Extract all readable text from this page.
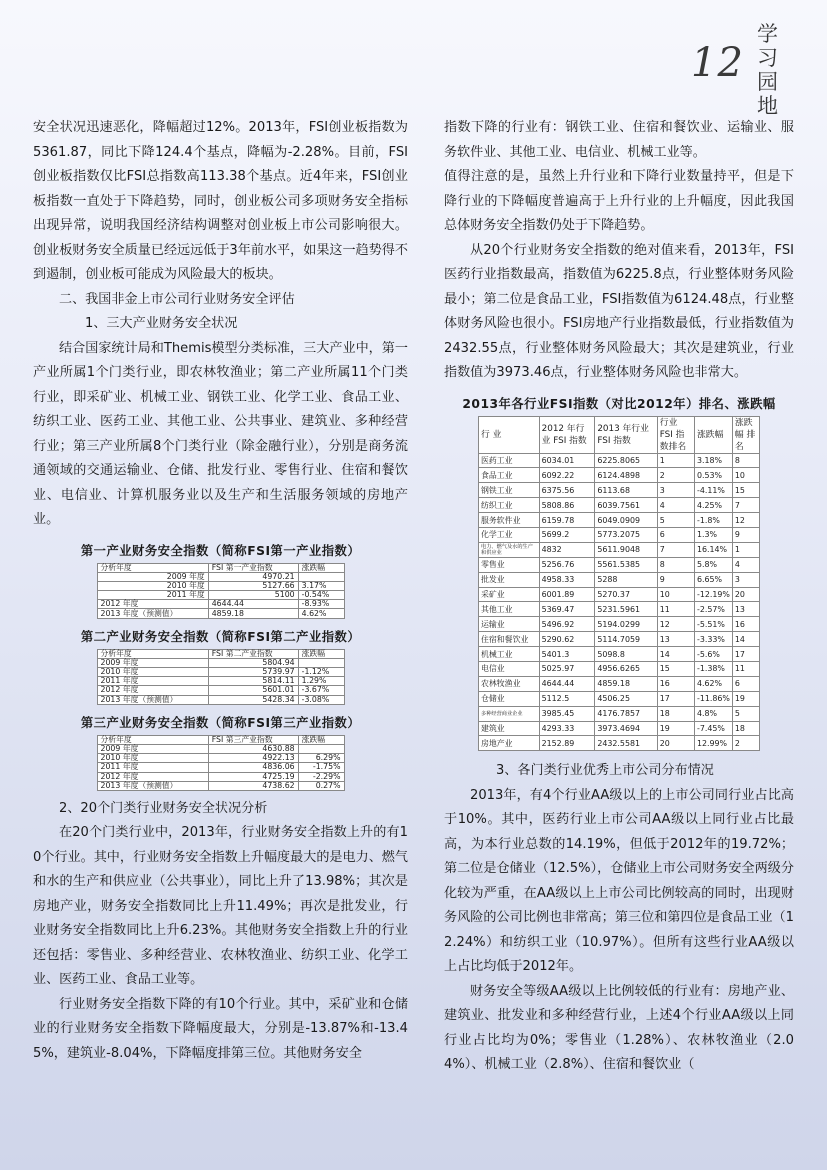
12
学
习
园
地

安全状况迅速恶化，降幅超过12%。2013年，FSI创业板指数为5361.87，同比下降124.4个基点，降幅为-2.28%。目前，FSI创业板指数仅比FSI总指数高113.38个基点。近4年来，FSI创业板指数一直处于下降趋势，同时，创业板公司多项财务安全指标出现异常，说明我国经济结构调整对创业板上市公司影响很大。创业板财务安全质量已经远远低于3年前水平，如果这一趋势得不到遏制，创业板可能成为风险最大的板块。

二、我国非金上市公司行业财务安全评估

1、三大产业财务安全状况

结合国家统计局和Themis模型分类标准，三大产业中，第一产业所属1个门类行业，即农林牧渔业；第二产业所属11个门类行业，即采矿业、机械工业、钢铁工业、化学工业、食品工业、纺织工业、医药工业、其他工业、公共事业、建筑业、多种经营行业；第三产业所属8个门类行业（除金融行业），分别是商务流通领域的交通运输业、仓储、批发行业、零售行业、住宿和餐饮业、电信业、计算机服务业以及生产和生活服务领域的房地产业。

第一产业财务安全指数（简称FSI第一产业指数）
分析年度	FSI 第一产业指数	涨跌幅
2009 年度	4970.21	
2010 年度	5127.66	3.17%
2011 年度	5100	-0.54%
2012 年度	4644.44	-8.93%
2013 年度（预测值）	4859.18	4.62%
第二产业财务安全指数（简称FSI第二产业指数）
分析年度	FSI 第二产业指数	涨跌幅
2009 年度	5804.94	
2010 年度	5739.97	-1.12%
2011 年度	5814.11	1.29%
2012 年度	5601.01	-3.67%
2013 年度（预测值）	5428.34	-3.08%
第三产业财务安全指数（简称FSI第三产业指数）
分析年度	FSI 第三产业指数	涨跌幅
2009 年度	4630.88	
2010 年度	4922.13	6.29%
2011 年度	4836.06	-1.75%
2012 年度	4725.19	-2.29%
2013 年度（预测值）	4738.62	0.27%

2、20个门类行业财务安全状况分析

在20个门类行业中，2013年，行业财务安全指数上升的有10个行业。其中，行业财务安全指数上升幅度最大的是电力、燃气和水的生产和供应业（公共事业），同比上升了13.98%；其次是房地产业，财务安全指数同比上升11.49%；再次是批发业，行业财务安全指数同比上升6.23%。其他财务安全指数上升的行业还包括：零售业、多种经营业、农林牧渔业、纺织工业、化学工业、医药工业、食品工业等。

行业财务安全指数下降的有10个行业。其中，采矿业和仓储业的行业财务安全指数下降幅度最大，分别是-13.87%和-13.45%，建筑业-8.04%，下降幅度排第三位。其他财务安全

指数下降的行业有：钢铁工业、住宿和餐饮业、运输业、服务软件业、其他工业、电信业、机械工业等。

值得注意的是，虽然上升行业和下降行业数量持平，但是下降行业的下降幅度普遍高于上升行业的上升幅度，因此我国总体财务安全指数仍处于下降趋势。

从20个行业财务安全指数的绝对值来看，2013年，FSI医药行业指数最高，指数值为6225.8点，行业整体财务风险最小；第二位是食品工业，FSI指数值为6124.48点，行业整体财务风险也很小。FSI房地产行业指数最低，行业指数值为2432.55点，行业整体财务风险最大；其次是建筑业，行业指数值为3973.46点，行业整体财务风险也非常大。

2013年各行业FSI指数（对比2012年）排名、涨跌幅
行 业	2012 年行业 FSI 指数	2013 年行业 FSI 指数	行业 FSI 指数排名	涨跌幅	涨跌幅 排名
医药工业	6034.01	6225.8065	1	3.18%	8
食品工业	6092.22	6124.4898	2	0.53%	10
钢铁工业	6375.56	6113.68	3	-4.11%	15
纺织工业	5808.86	6039.7561	4	4.25%	7
服务软件业	6159.78	6049.0909	5	-1.8%	12
化学工业	5699.2	5773.2075	6	1.3%	9
电力、燃气及水的生产和供应业	4832	5611.9048	7	16.14%	1
零售业	5256.76	5561.5385	8	5.8%	4
批发业	4958.33	5288	9	6.65%	3
采矿业	6001.89	5270.37	10	-12.19%	20
其他工业	5369.47	5231.5961	11	-2.57%	13
运输业	5496.92	5194.0299	12	-5.51%	16
住宿和餐饮业	5290.62	5114.7059	13	-3.33%	14
机械工业	5401.3	5098.8	14	-5.6%	17
电信业	5025.97	4956.6265	15	-1.38%	11
农林牧渔业	4644.44	4859.18	16	4.62%	6
仓储业	5112.5	4506.25	17	-11.86%	19
多种经营商业企业	3985.45	4176.7857	18	4.8%	5
建筑业	4293.33	3973.4694	19	-7.45%	18
房地产业	2152.89	2432.5581	20	12.99%	2

3、各门类行业优秀上市公司分布情况

2013年，有4个行业AA级以上的上市公司同行业占比高于10%。其中，医药行业上市公司AA级以上同行业占比最高，为本行业总数的14.19%，但低于2012年的19.72%；第二位是仓储业（12.5%），仓储业上市公司财务安全两级分化较为严重，在AA级以上上市公司比例较高的同时，出现财务风险的公司比例也非常高；第三位和第四位是食品工业（12.24%）和纺织工业（10.97%）。但所有这些行业AA级以上占比均低于2012年。

财务安全等级AA级以上比例较低的行业有：房地产业、建筑业、批发业和多种经营行业，上述4个行业AA级以上同行业占比均为0%；零售业（1.28%）、农林牧渔业（2.04%）、机械工业（2.8%）、住宿和餐饮业（
